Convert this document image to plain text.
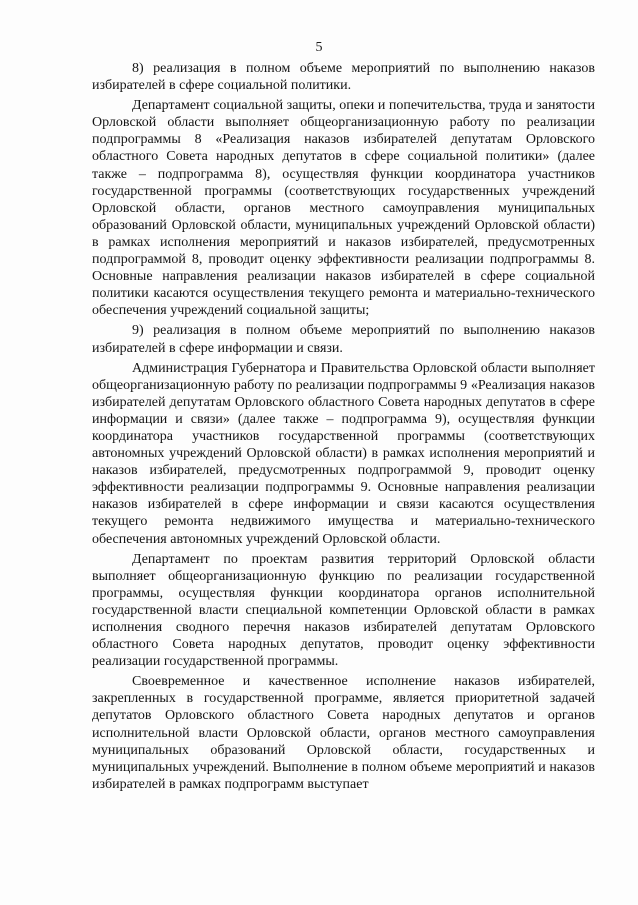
5

8) реализация в полном объеме мероприятий по выполнению наказов избирателей в сфере социальной политики.

Департамент социальной защиты, опеки и попечительства, труда и занятости Орловской области выполняет общеорганизационную работу по реализации подпрограммы 8 «Реализация наказов избирателей депутатам Орловского областного Совета народных депутатов в сфере социальной политики» (далее также – подпрограмма 8), осуществляя функции координатора участников государственной программы (соответствующих государственных учреждений Орловской области, органов местного самоуправления муниципальных образований Орловской области, муниципальных учреждений Орловской области) в рамках исполнения мероприятий и наказов избирателей, предусмотренных подпрограммой 8, проводит оценку эффективности реализации подпрограммы 8. Основные направления реализации наказов избирателей в сфере социальной политики касаются осуществления текущего ремонта и материально-технического обеспечения учреждений социальной защиты;

9) реализация в полном объеме мероприятий по выполнению наказов избирателей в сфере информации и связи.

Администрация Губернатора и Правительства Орловской области выполняет общеорганизационную работу по реализации подпрограммы 9 «Реализация наказов избирателей депутатам Орловского областного Совета народных депутатов в сфере информации и связи» (далее также – подпрограмма 9), осуществляя функции координатора участников государственной программы (соответствующих автономных учреждений Орловской области) в рамках исполнения мероприятий и наказов избирателей, предусмотренных подпрограммой 9, проводит оценку эффективности реализации подпрограммы 9. Основные направления реализации наказов избирателей в сфере информации и связи касаются осуществления текущего ремонта недвижимого имущества и материально-технического обеспечения автономных учреждений Орловской области.

Департамент по проектам развития территорий Орловской области выполняет общеорганизационную функцию по реализации государственной программы, осуществляя функции координатора органов исполнительной государственной власти специальной компетенции Орловской области в рамках исполнения сводного перечня наказов избирателей депутатам Орловского областного Совета народных депутатов, проводит оценку эффективности реализации государственной программы.

Своевременное и качественное исполнение наказов избирателей, закрепленных в государственной программе, является приоритетной задачей депутатов Орловского областного Совета народных депутатов и органов исполнительной власти Орловской области, органов местного самоуправления муниципальных образований Орловской области, государственных и муниципальных учреждений. Выполнение в полном объеме мероприятий и наказов избирателей в рамках подпрограмм выступает
